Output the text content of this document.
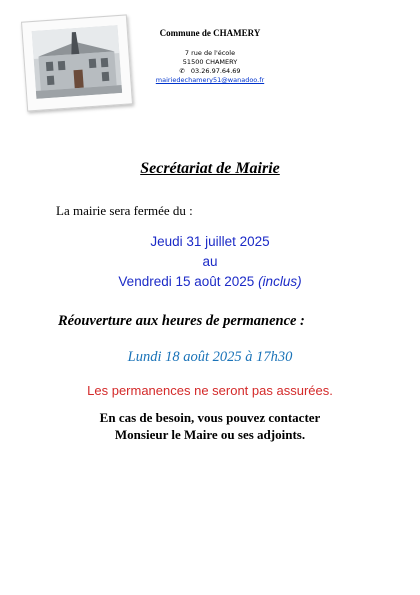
Commune de CHAMERY
7 rue de l'école
51500 CHAMERY
✆ 03.26.97.64.69
mairiedechamery51@wanadoo.fr
Secrétariat de Mairie
La mairie sera fermée du :
Jeudi 31 juillet 2025
au
Vendredi 15 août 2025 (inclus)
Réouverture aux heures de permanence :
Lundi 18 août 2025 à 17h30
Les permanences ne seront pas assurées.
En cas de besoin, vous pouvez contacter
Monsieur le Maire ou ses adjoints.
